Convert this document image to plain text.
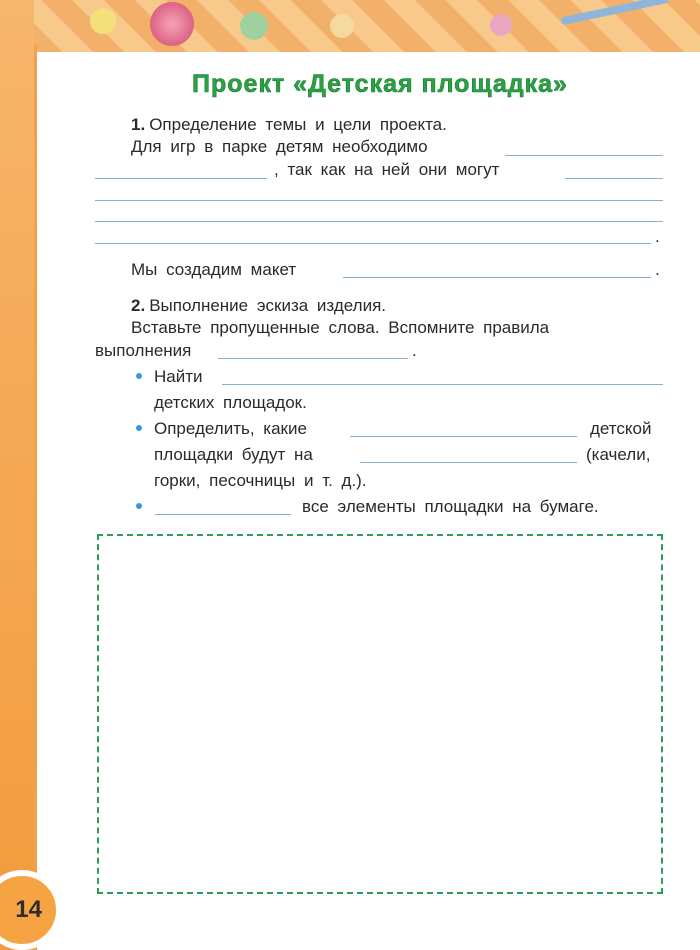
Проект «Детская площадка»
1. Определение темы и цели проекта.
Для игр в парке детям необходимо
, так как на ней они могут
.
Мы создадим макет	.
2. Выполнение эскиза изделия.
Вставьте пропущенные слова. Вспомните правила
выполнения	.
Найти
детских площадок.
Определить, какие	детской
площадки будут на	(качели,
горки, песочницы и т. д.).
все элементы площадки на бумаге.
14
